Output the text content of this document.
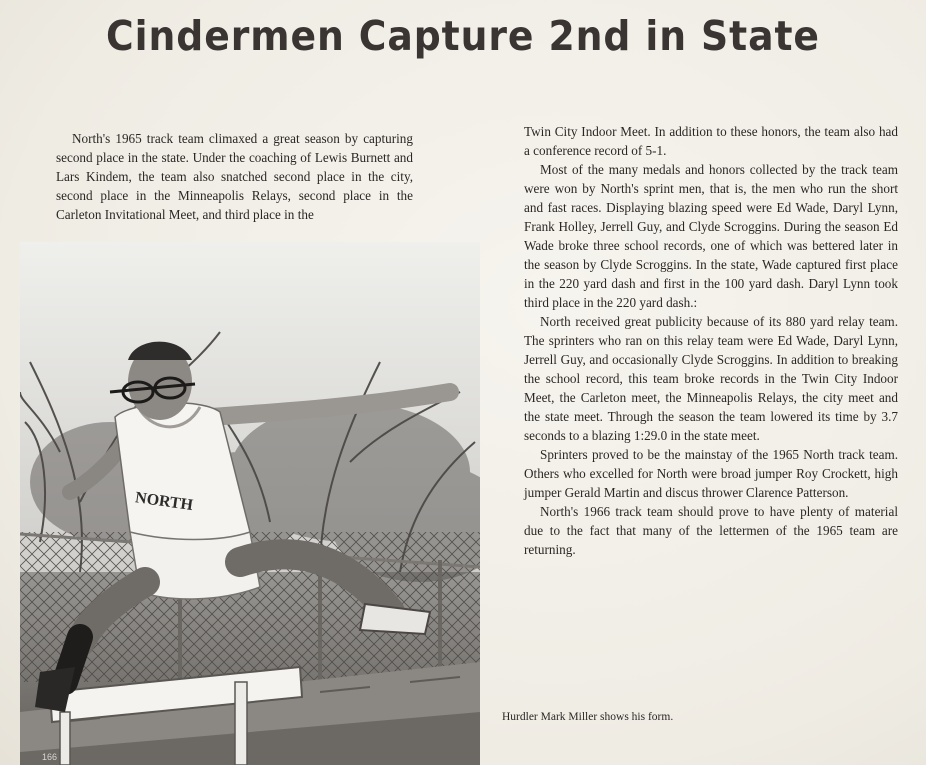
Cindermen Capture 2nd in State

North's 1965 track team climaxed a great season by capturing second place in the state. Under the coaching of Lewis Burnett and Lars Kindem, the team also snatched second place in the city, second place in the Minneapolis Relays, second place in the Carleton Invitational Meet, and third place in the

Twin City Indoor Meet. In addition to these honors, the team also had a conference record of 5-1.

Most of the many medals and honors collected by the track team were won by North's sprint men, that is, the men who run the short and fast races. Displaying blazing speed were Ed Wade, Daryl Lynn, Frank Holley, Jerrell Guy, and Clyde Scroggins. During the season Ed Wade broke three school records, one of which was bettered later in the season by Clyde Scroggins. In the state, Wade captured first place in the 220 yard dash and first in the 100 yard dash. Daryl Lynn took third place in the 220 yard dash.:

North received great publicity because of its 880 yard relay team. The sprinters who ran on this relay team were Ed Wade, Daryl Lynn, Jerrell Guy, and occasionally Clyde Scroggins. In addition to breaking the school record, this team broke records in the Twin City Indoor Meet, the Carleton meet, the Minneapolis Relays, the city meet and the state meet. Through the season the team lowered its time by 3.7 seconds to a blazing 1:29.0 in the state meet.

Sprinters proved to be the mainstay of the 1965 North track team. Others who excelled for North were broad jumper Roy Crockett, high jumper Gerald Martin and discus thrower Clarence Patterson.

North's 1966 track team should prove to have plenty of material due to the fact that many of the lettermen of the 1965 team are returning.

NORTH
Hurdler Mark Miller shows his form.
166
